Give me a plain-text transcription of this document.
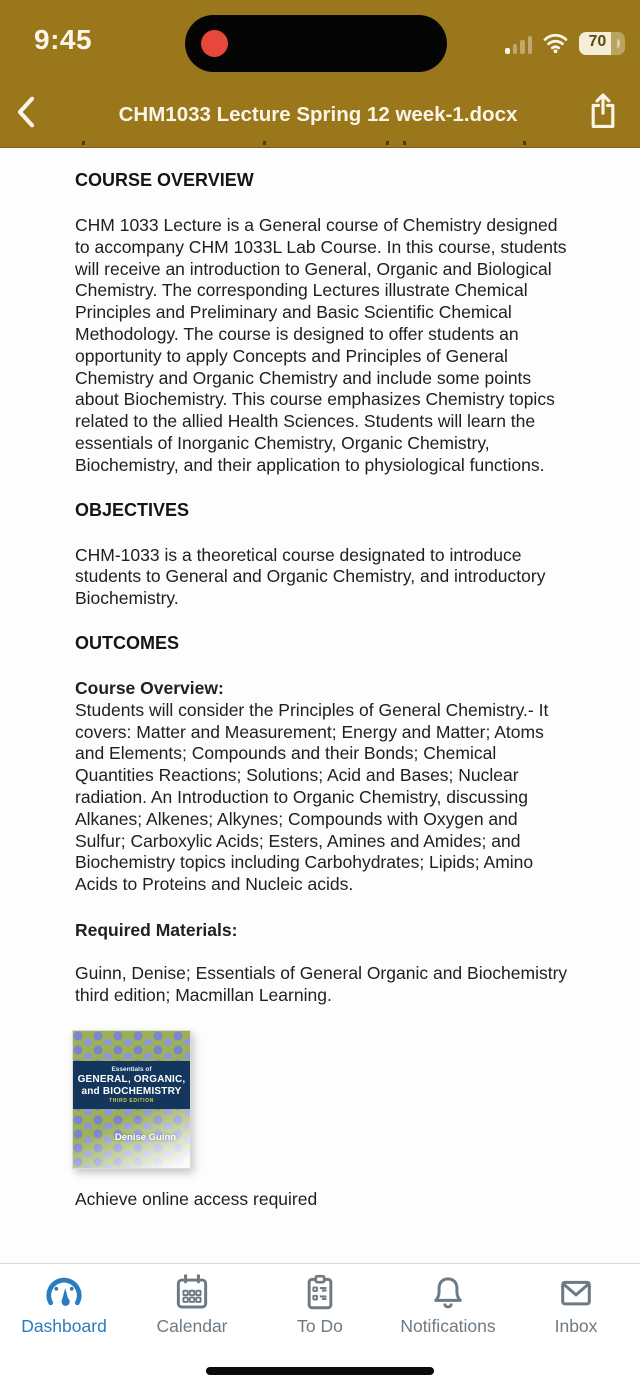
9:45	70
CHM1033 Lecture Spring 12 week-1.docx
COURSE OVERVIEW

CHM 1033 Lecture is a General course of Chemistry designed to accompany CHM 1033L Lab Course. In this course, students will receive an introduction to General, Organic and Biological Chemistry. The corresponding Lectures illustrate Chemical Principles and Preliminary and Basic Scientific Chemical Methodology. The course is designed to offer students an opportunity to apply Concepts and Principles of General Chemistry and Organic Chemistry and include some points about Biochemistry. This course emphasizes Chemistry topics related to the allied Health Sciences. Students will learn the essentials of Inorganic Chemistry, Organic Chemistry, Biochemistry, and their application to physiological functions.

OBJECTIVES

CHM-1033 is a theoretical course designated to introduce students to General and Organic Chemistry, and introductory Biochemistry.

OUTCOMES

Course Overview:

Students will consider the Principles of General Chemistry.- It covers: Matter and Measurement; Energy and Matter; Atoms and Elements; Compounds and their Bonds; Chemical Quantities Reactions; Solutions; Acid and Bases; Nuclear radiation. An Introduction to Organic Chemistry, discussing Alkanes; Alkenes; Alkynes; Compounds with Oxygen and Sulfur; Carboxylic Acids; Esters, Amines and Amides; and Biochemistry topics including Carbohydrates; Lipids; Amino Acids to Proteins and Nucleic acids.

Required Materials:

Guinn, Denise; Essentials of General Organic and Biochemistry third edition; Macmillan Learning.

Essentials of
GENERAL, ORGANIC,
and BIOCHEMISTRY
THIRD EDITION
Denise Guinn

Achieve online access required

Dashboard	Calendar	To Do	Notifications	Inbox
